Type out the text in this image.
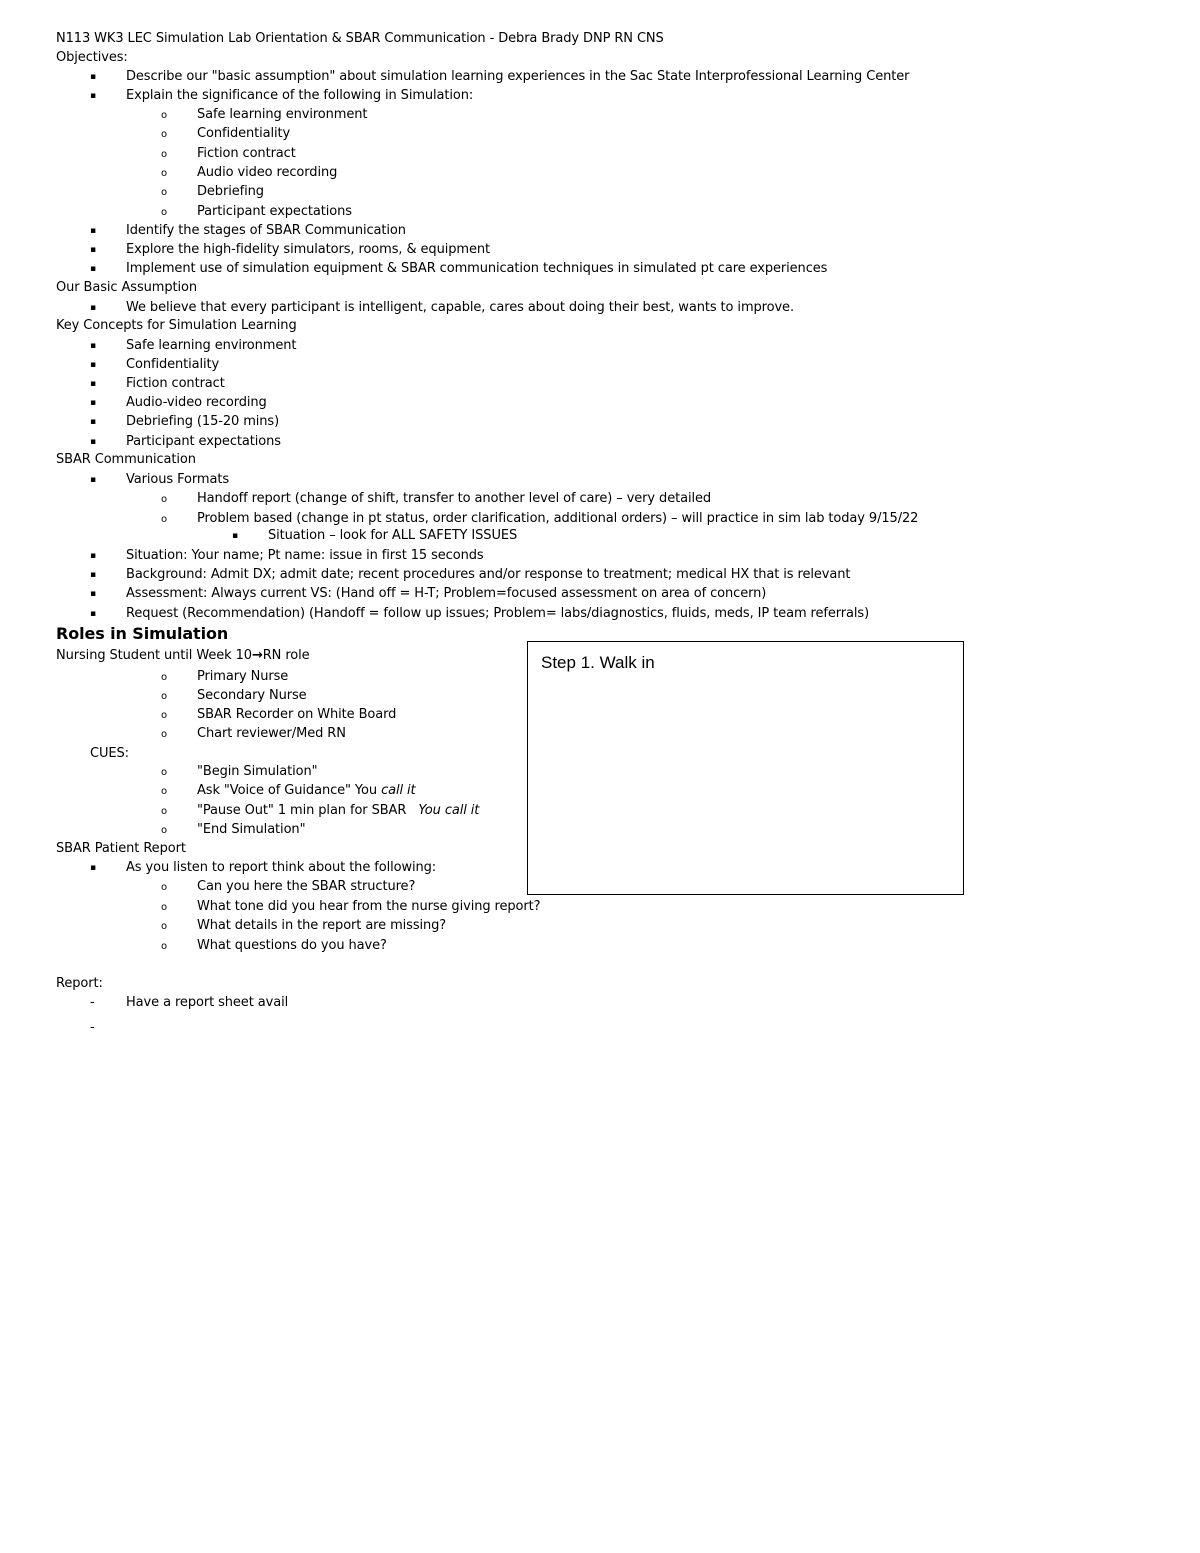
N113 WK3 LEC Simulation Lab Orientation & SBAR Communication - Debra Brady DNP RN CNS
Objectives:
▪ Describe our "basic assumption" about simulation learning experiences in the Sac State Interprofessional Learning Center
▪ Explain the significance of the following in Simulation:
o Safe learning environment
o Confidentiality
o Fiction contract
o Audio video recording
o Debriefing
o Participant expectations
▪ Identify the stages of SBAR Communication
▪ Explore the high-fidelity simulators, rooms, & equipment
▪ Implement use of simulation equipment & SBAR communication techniques in simulated pt care experiences
Our Basic Assumption
▪ We believe that every participant is intelligent, capable, cares about doing their best, wants to improve.
Key Concepts for Simulation Learning
▪ Safe learning environment
▪ Confidentiality
▪ Fiction contract
▪ Audio-video recording
▪ Debriefing (15-20 mins)
▪ Participant expectations
SBAR Communication
▪ Various Formats
o Handoff report (change of shift, transfer to another level of care) – very detailed
o Problem based (change in pt status, order clarification, additional orders) – will practice in sim lab today 9/15/22
▪ Situation – look for ALL SAFETY ISSUES
▪ Situation: Your name; Pt name: issue in first 15 seconds
▪ Background: Admit DX; admit date; recent procedures and/or response to treatment; medical HX that is relevant
▪ Assessment: Always current VS: (Hand off = H-T; Problem=focused assessment on area of concern)
▪ Request (Recommendation) (Handoff = follow up issues; Problem= labs/diagnostics, fluids, meds, IP team referrals)
Roles in Simulation
Nursing Student until Week 10→RN role
o Primary Nurse
o Secondary Nurse
o SBAR Recorder on White Board
o Chart reviewer/Med RN
CUES:
o "Begin Simulation"
o Ask "Voice of Guidance" You call it
o "Pause Out" 1 min plan for SBAR   You call it
o "End Simulation"
SBAR Patient Report
▪ As you listen to report think about the following:
o Can you here the SBAR structure?
o What tone did you hear from the nurse giving report?
o What details in the report are missing?
o What questions do you have?
Report:
- Have a report sheet avail
-
Step 1. Walk in
